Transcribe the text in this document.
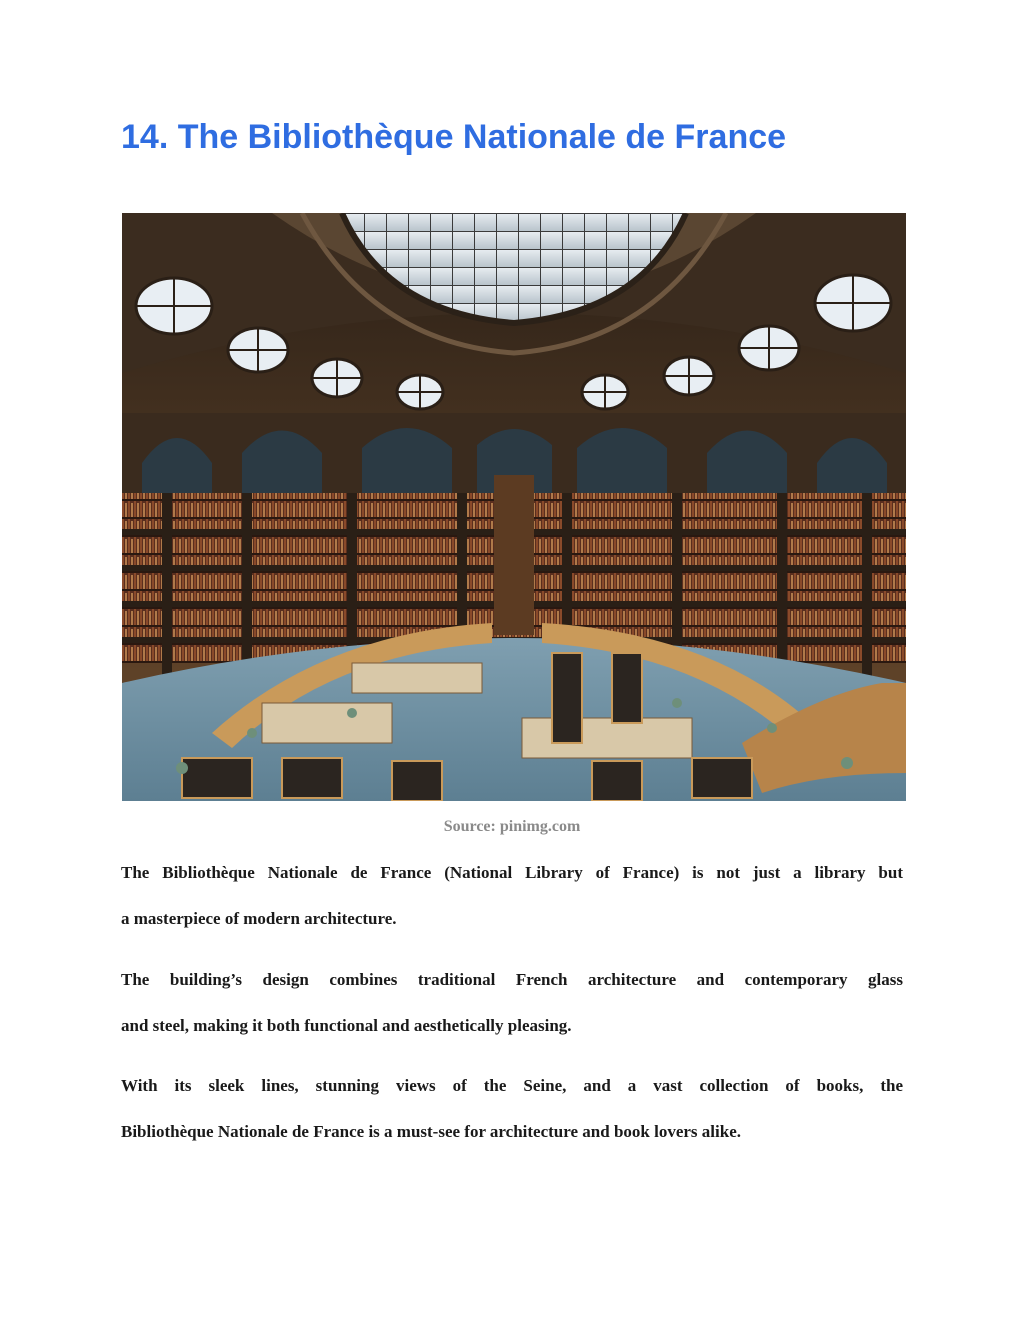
14. The Bibliothèque Nationale de France
Source: pinimg.com

The Bibliothèque Nationale de France (National Library of France) is not just a library but
a masterpiece of modern architecture.

The building’s design combines traditional French architecture and contemporary glass
and steel, making it both functional and aesthetically pleasing.

With its sleek lines, stunning views of the Seine, and a vast collection of books, the
Bibliothèque Nationale de France is a must-see for architecture and book lovers alike.
